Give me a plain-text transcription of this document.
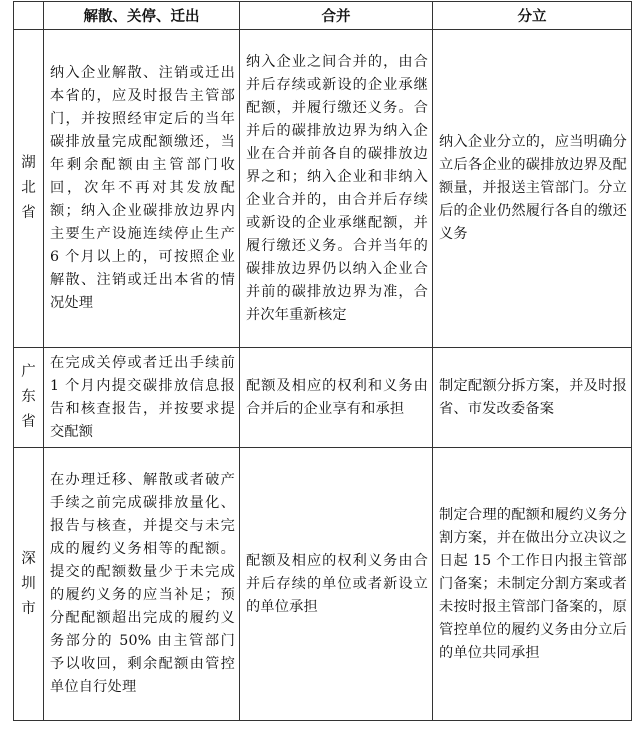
	解散、关停、迁出	合并	分立
湖北省	纳入企业解散、注销或迁出本省的，应及时报告主管部门，并按照经审定后的当年碳排放量完成配额缴还，当年剩余配额由主管部门收回，次年不再对其发放配额；纳入企业碳排放边界内主要生产设施连续停止生产 6 个月以上的，可按照企业解散、注销或迁出本省的情况处理	纳入企业之间合并的，由合并后存续或新设的企业承继配额，并履行缴还义务。合并后的碳排放边界为纳入企业在合并前各自的碳排放边界之和；纳入企业和非纳入企业合并的，由合并后存续或新设的企业承继配额，并履行缴还义务。合并当年的碳排放边界仍以纳入企业合并前的碳排放边界为准，合并次年重新核定	纳入企业分立的，应当明确分立后各企业的碳排放边界及配额量，并报送主管部门。分立后的企业仍然履行各自的缴还义务
广东省	在完成关停或者迁出手续前 1 个月内提交碳排放信息报告和核查报告，并按要求提交配额	配额及相应的权利和义务由合并后的企业享有和承担	制定配额分拆方案，并及时报省、市发改委备案
深圳市	在办理迁移、解散或者破产手续之前完成碳排放量化、报告与核查，并提交与未完成的履约义务相等的配额。提交的配额数量少于未完成的履约义务的应当补足；预分配配额超出完成的履约义务部分的 50% 由主管部门予以收回，剩余配额由管控单位自行处理	配额及相应的权利义务由合并后存续的单位或者新设立的单位承担	制定合理的配额和履约义务分割方案，并在做出分立决议之日起 15 个工作日内报主管部门备案；未制定分割方案或者未按时报主管部门备案的，原管控单位的履约义务由分立后的单位共同承担
